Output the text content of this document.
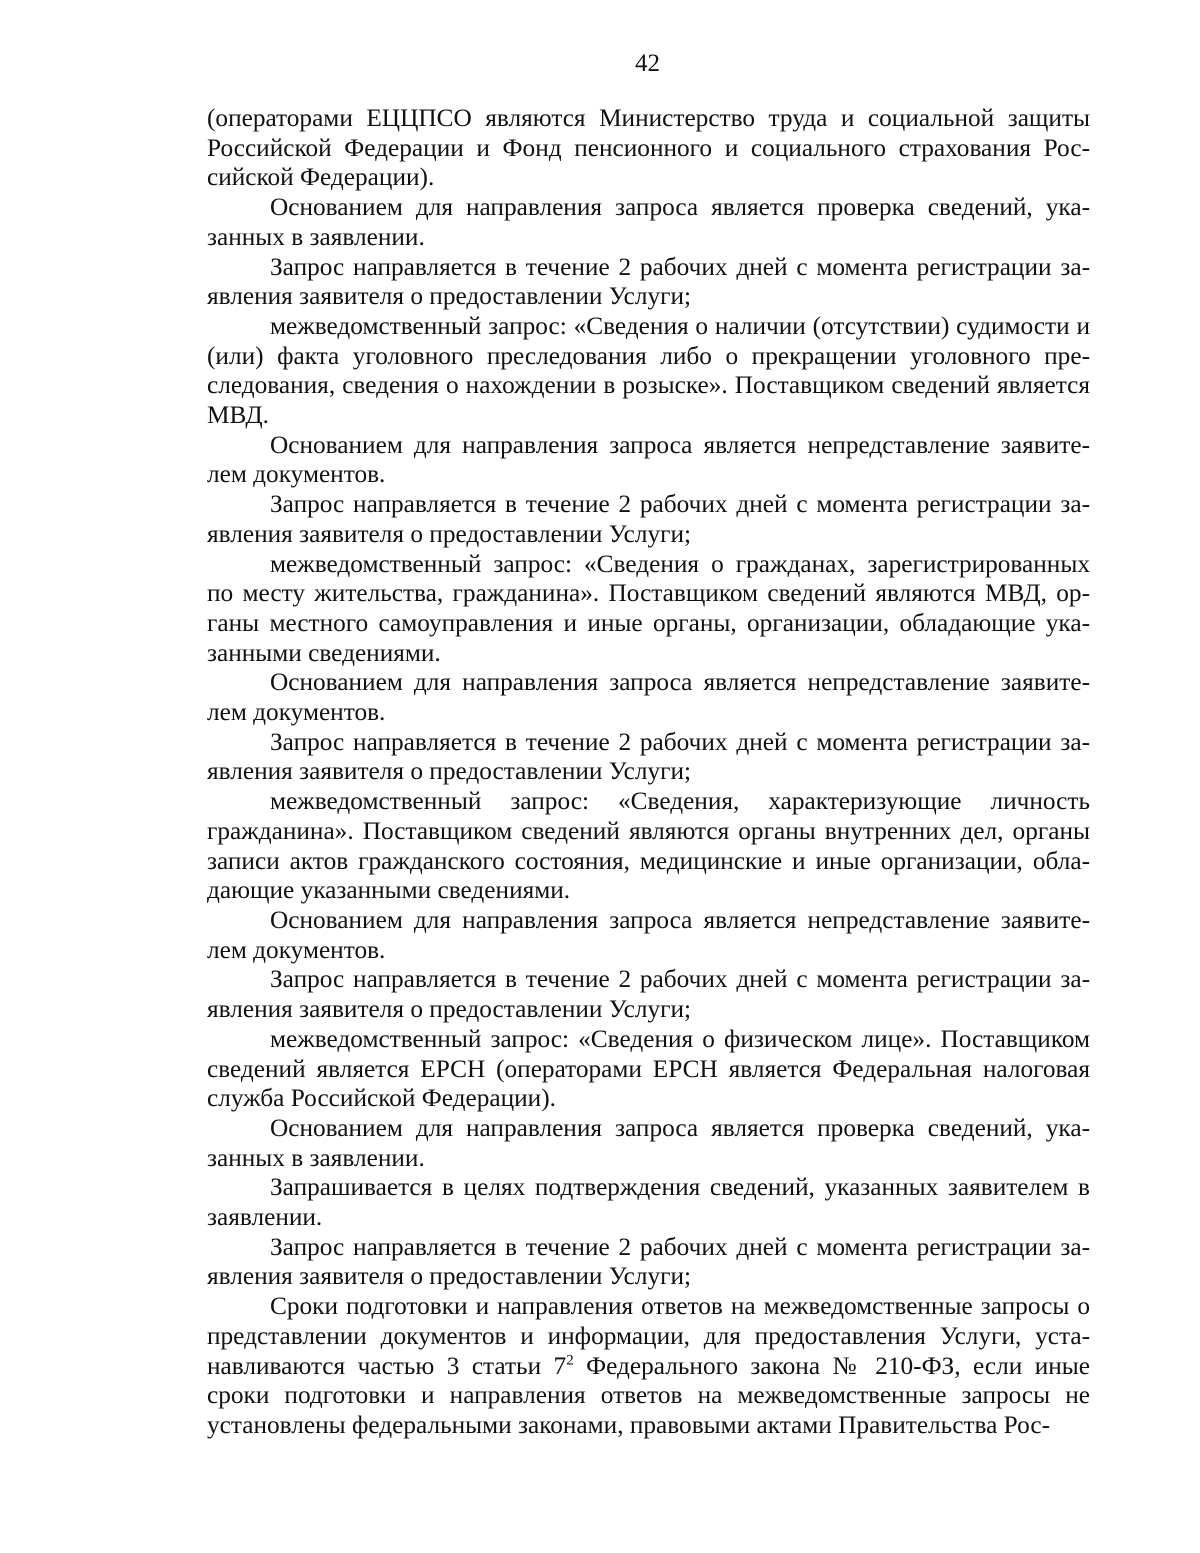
42

(операторами ЕЦЦПСО являются Министерство труда и социальной защиты Российской Федерации и Фонд пенсионного и социального страхования Российской Федерации).

Основанием для направления запроса является проверка сведений, указанных в заявлении.

Запрос направляется в течение 2 рабочих дней с момента регистрации заявления заявителя о предоставлении Услуги;

межведомственный запрос: «Сведения о наличии (отсутствии) судимости и (или) факта уголовного преследования либо о прекращении уголовного преследования, сведения о нахождении в розыске». Поставщиком сведений является МВД.

Основанием для направления запроса является непредставление заявителем документов.

Запрос направляется в течение 2 рабочих дней с момента регистрации заявления заявителя о предоставлении Услуги;

межведомственный запрос: «Сведения о гражданах, зарегистрированных по месту жительства, гражданина». Поставщиком сведений являются МВД, органы местного самоуправления и иные органы, организации, обладающие указанными сведениями.

Основанием для направления запроса является непредставление заявителем документов.

Запрос направляется в течение 2 рабочих дней с момента регистрации заявления заявителя о предоставлении Услуги;

межведомственный запрос: «Сведения, характеризующие личность гражданина». Поставщиком сведений являются органы внутренних дел, органы записи актов гражданского состояния, медицинские и иные организации, обладающие указанными сведениями.

Основанием для направления запроса является непредставление заявителем документов.

Запрос направляется в течение 2 рабочих дней с момента регистрации заявления заявителя о предоставлении Услуги;

межведомственный запрос: «Сведения о физическом лице». Поставщиком сведений является ЕРСН (операторами ЕРСН является Федеральная налоговая служба Российской Федерации).

Основанием для направления запроса является проверка сведений, указанных в заявлении.

Запрашивается в целях подтверждения сведений, указанных заявителем в заявлении.

Запрос направляется в течение 2 рабочих дней с момента регистрации заявления заявителя о предоставлении Услуги;

Сроки подготовки и направления ответов на межведомственные запросы о представлении документов и информации, для предоставления Услуги, устанавливаются частью 3 статьи $7^2$ Федерального закона № 210-ФЗ, если иные сроки подготовки и направления ответов на межведомственные запросы не установлены федеральными законами, правовыми актами Правительства Рос-
